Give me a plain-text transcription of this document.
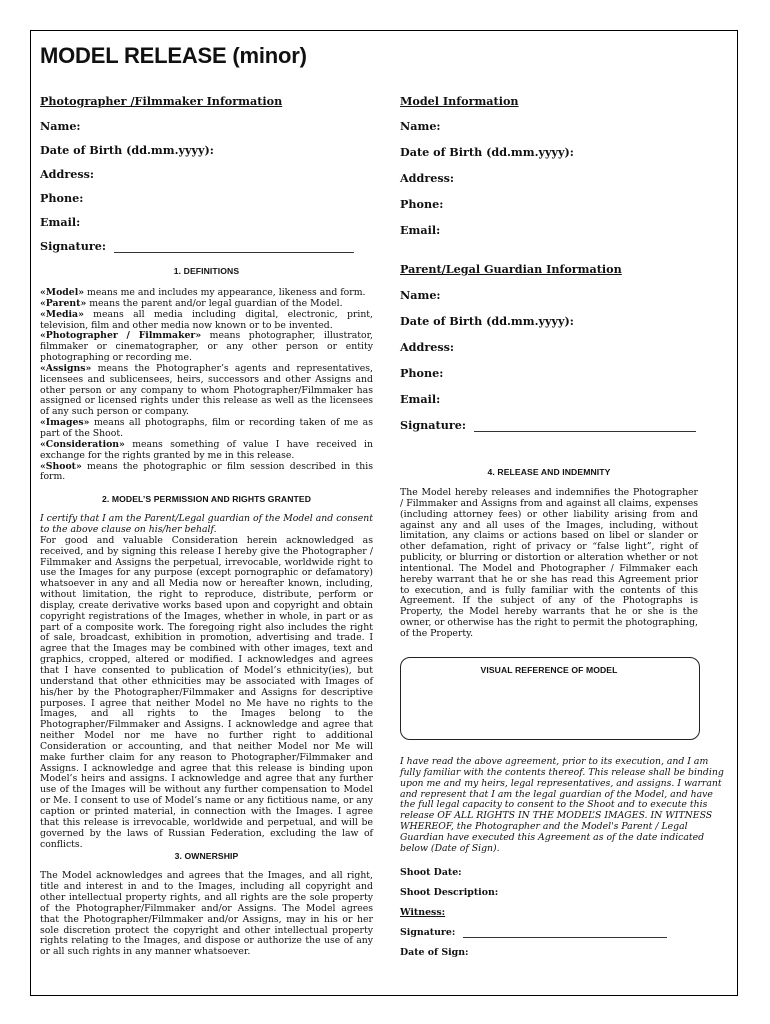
MODEL RELEASE (minor)

Photographer /Filmmaker Information

Name:

Date of Birth (dd.mm.yyyy):

Address:

Phone:

Email:

Signature:

1. DEFINITIONS

«Model» means me and includes my appearance, likeness and form.

«Parent» means the parent and/or legal guardian of the Model.

«Media» means all media including digital, electronic, print, television, film and other media now known or to be invented.

«Photographer / Filmmaker» means photographer, illustrator, filmmaker or cinematographer, or any other person or entity photographing or recording me.

«Assigns» means the Photographer’s agents and representatives, licensees and sublicensees, heirs, successors and other Assigns and other person or any company to whom Photographer/Filmmaker has assigned or licensed rights under this release as well as the licensees of any such person or company.

«Images» means all photographs, film or recording taken of me as part of the Shoot.

«Consideration» means something of value I have received in exchange for the rights granted by me in this release.

«Shoot» means the photographic or film session described in this form.

2. MODEL’S PERMISSION AND RIGHTS GRANTED

I certify that I am the Parent/Legal guardian of the Model and consent to the above clause on his/her behalf.

For good and valuable Consideration herein acknowledged as received, and by signing this release I hereby give the Photographer / Filmmaker and Assigns the perpetual, irrevocable, worldwide right to use the Images for any purpose (except pornographic or defamatory) whatsoever in any and all Media now or hereafter known, including, without limitation, the right to reproduce, distribute, perform or display, create derivative works based upon and copyright and obtain copyright registrations of the Images, whether in whole, in part or as part of a composite work. The foregoing right also includes the right of sale, broadcast, exhibition in promotion, advertising and trade. I agree that the Images may be combined with other images, text and graphics, cropped, altered or modified. I acknowledges and agrees that I have consented to publication of Model’s ethnicity(ies), but understand that other ethnicities may be associated with Images of his/her by the Photographer/Filmmaker and Assigns for descriptive purposes. I agree that neither Model no Me have no rights to the Images, and all rights to the Images belong to the Photographer/Filmmaker and Assigns. I acknowledge and agree that neither Model nor me have no further right to additional Consideration or accounting, and that neither Model nor Me will make further claim for any reason to Photographer/Filmmaker and Assigns. I acknowledge and agree that this release is binding upon Model’s heirs and assigns. I acknowledge and agree that any further use of the Images will be without any further compensation to Model or Me. I consent to use of Model’s name or any fictitious name, or any caption or printed material, in connection with the Images. I agree that this release is irrevocable, worldwide and perpetual, and will be governed by the laws of Russian Federation, excluding the law of conflicts.

3. OWNERSHIP

The Model acknowledges and agrees that the Images, and all right, title and interest in and to the Images, including all copyright and other intellectual property rights, and all rights are the sole property of the Photographer/Filmmaker and/or Assigns. The Model agrees that the Photographer/Filmmaker and/or Assigns, may in his or her sole discretion protect the copyright and other intellectual property rights relating to the Images, and dispose or authorize the use of any or all such rights in any manner whatsoever.

Model Information

Name:

Date of Birth (dd.mm.yyyy):

Address:

Phone:

Email:

Parent/Legal Guardian Information

Name:

Date of Birth (dd.mm.yyyy):

Address:

Phone:

Email:

Signature:

4. RELEASE AND INDEMNITY

The Model hereby releases and indemnifies the Photographer / Filmmaker and Assigns from and against all claims, expenses (including attorney fees) or other liability arising from and against any and all uses of the Images, including, without limitation, any claims or actions based on libel or slander or other defamation, right of privacy or “false light”, right of publicity, or blurring or distortion or alteration whether or not intentional. The Model and Photographer / Filmmaker each hereby warrant that he or she has read this Agreement prior to execution, and is fully familiar with the contents of this Agreement. If the subject of any of the Photographs is Property, the Model hereby warrants that he or she is the owner, or otherwise has the right to permit the photographing, of the Property.

VISUAL REFERENCE OF MODEL

I have read the above agreement, prior to its execution, and I am fully familiar with the contents thereof. This release shall be binding upon me and my heirs, legal representatives, and assigns. I warrant and represent that I am the legal guardian of the Model, and have the full legal capacity to consent to the Shoot and to execute this release OF ALL RIGHTS IN THE MODEL’S IMAGES. IN WITNESS WHEREOF, the Photographer and the Model's Parent / Legal Guardian have executed this Agreement as of the date indicated below (Date of Sign).

Shoot Date:

Shoot Description:

Witness:

Signature:

Date of Sign:
